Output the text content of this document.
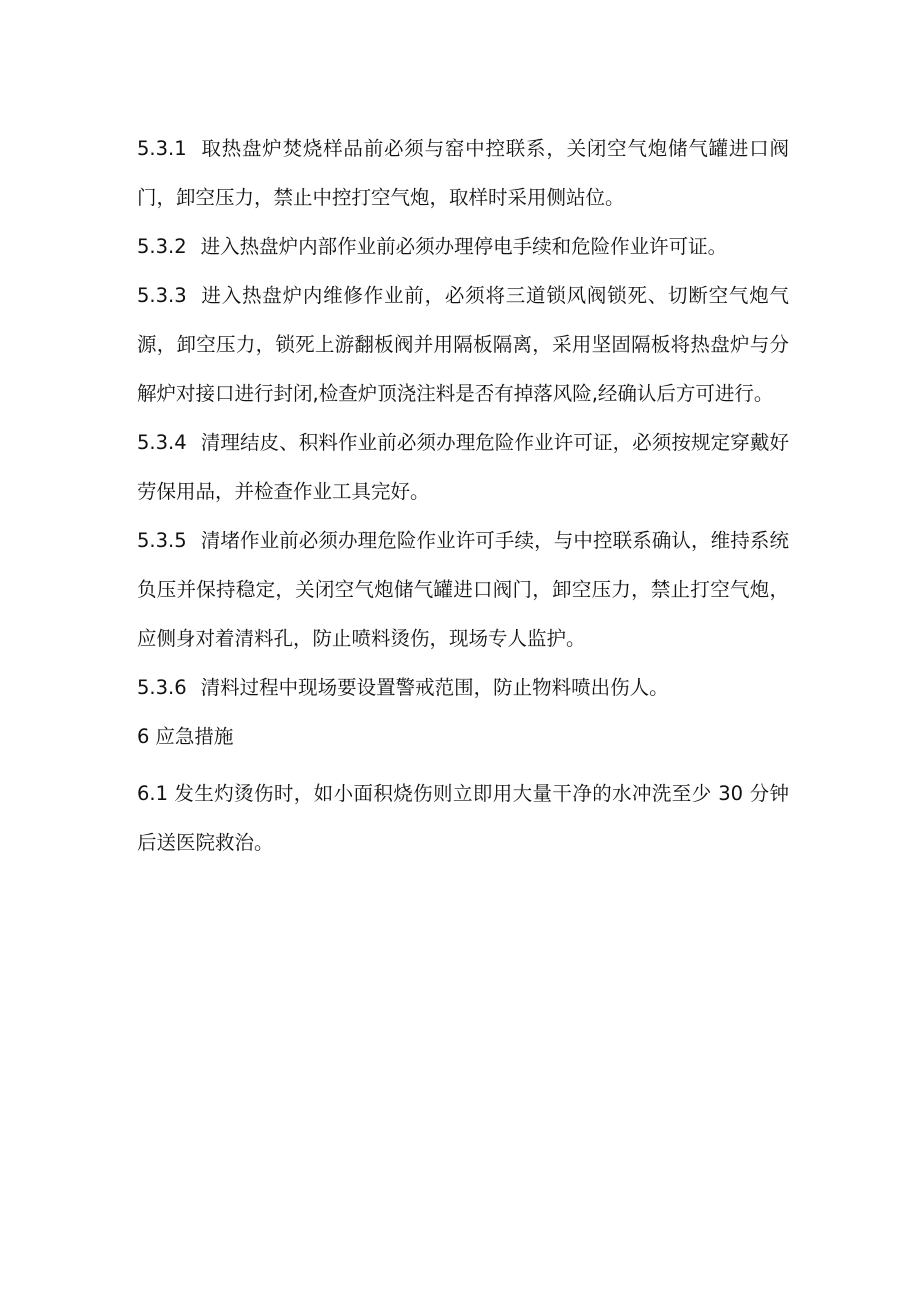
5.3.1 取热盘炉焚烧样品前必须与窑中控联系，关闭空气炮储气罐进口阀门，卸空压力，禁止中控打空气炮，取样时采用侧站位。

5.3.2 进入热盘炉内部作业前必须办理停电手续和危险作业许可证。

5.3.3 进入热盘炉内维修作业前，必须将三道锁风阀锁死、切断空气炮气源，卸空压力，锁死上游翻板阀并用隔板隔离，采用坚固隔板将热盘炉与分解炉对接口进行封闭,检查炉顶浇注料是否有掉落风险,经确认后方可进行。

5.3.4 清理结皮、积料作业前必须办理危险作业许可证，必须按规定穿戴好劳保用品，并检查作业工具完好。

5.3.5 清堵作业前必须办理危险作业许可手续，与中控联系确认，维持系统负压并保持稳定，关闭空气炮储气罐进口阀门，卸空压力，禁止打空气炮，应侧身对着清料孔，防止喷料烫伤，现场专人监护。

5.3.6 清料过程中现场要设置警戒范围，防止物料喷出伤人。

6 应急措施

6.1 发生灼烫伤时，如小面积烧伤则立即用大量干净的水冲洗至少 30 分钟后送医院救治。
